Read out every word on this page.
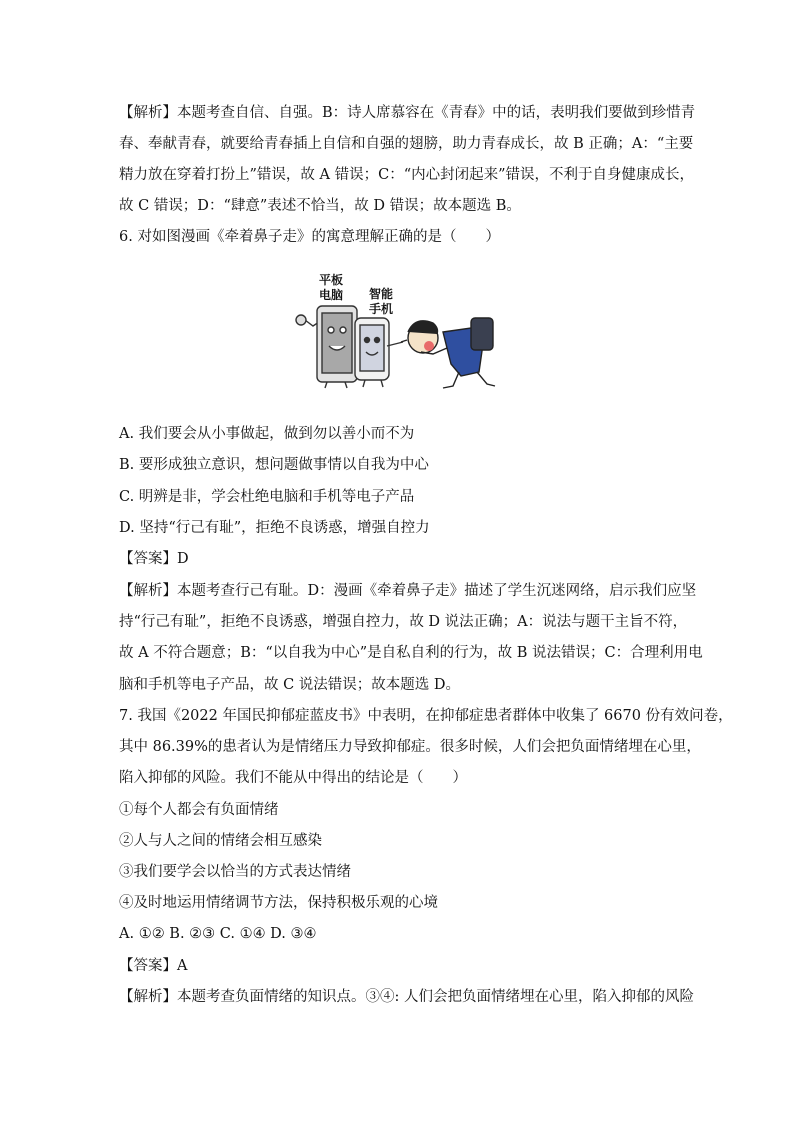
【解析】本题考查自信、自强。B：诗人席慕容在《青春》中的话，表明我们要做到珍惜青
春、奉献青春，就要给青春插上自信和自强的翅膀，助力青春成长，故 B 正确；A：“主要
精力放在穿着打扮上”错误，故 A 错误；C：“内心封闭起来”错误，不利于自身健康成长，
故 C 错误；D：“肆意”表述不恰当，故 D 错误；故本题选 B。
6. 对如图漫画《牵着鼻子走》的寓意理解正确的是（　　）
平板
电脑 智能
手机
A. 我们要会从小事做起，做到勿以善小而不为
B. 要形成独立意识，想问题做事情以自我为中心
C. 明辨是非，学会杜绝电脑和手机等电子产品
D. 坚持“行己有耻”，拒绝不良诱惑，增强自控力
【答案】D
【解析】本题考查行己有耻。D：漫画《牵着鼻子走》描述了学生沉迷网络，启示我们应坚
持“行己有耻”，拒绝不良诱惑，增强自控力，故 D 说法正确；A：说法与题干主旨不符，
故 A 不符合题意；B：“以自我为中心”是自私自利的行为，故 B 说法错误；C：合理利用电
脑和手机等电子产品，故 C 说法错误；故本题选 D。
7. 我国《2022 年国民抑郁症蓝皮书》中表明，在抑郁症患者群体中收集了 6670 份有效问卷，
其中 86.39%的患者认为是情绪压力导致抑郁症。很多时候，人们会把负面情绪埋在心里，
陷入抑郁的风险。我们不能从中得出的结论是（　　）
①每个人都会有负面情绪
②人与人之间的情绪会相互感染
③我们要学会以恰当的方式表达情绪
④及时地运用情绪调节方法，保持积极乐观的心境
A. ①② B. ②③ C. ①④ D. ③④
【答案】A
【解析】本题考查负面情绪的知识点。③④: 人们会把负面情绪埋在心里，陷入抑郁的风险
